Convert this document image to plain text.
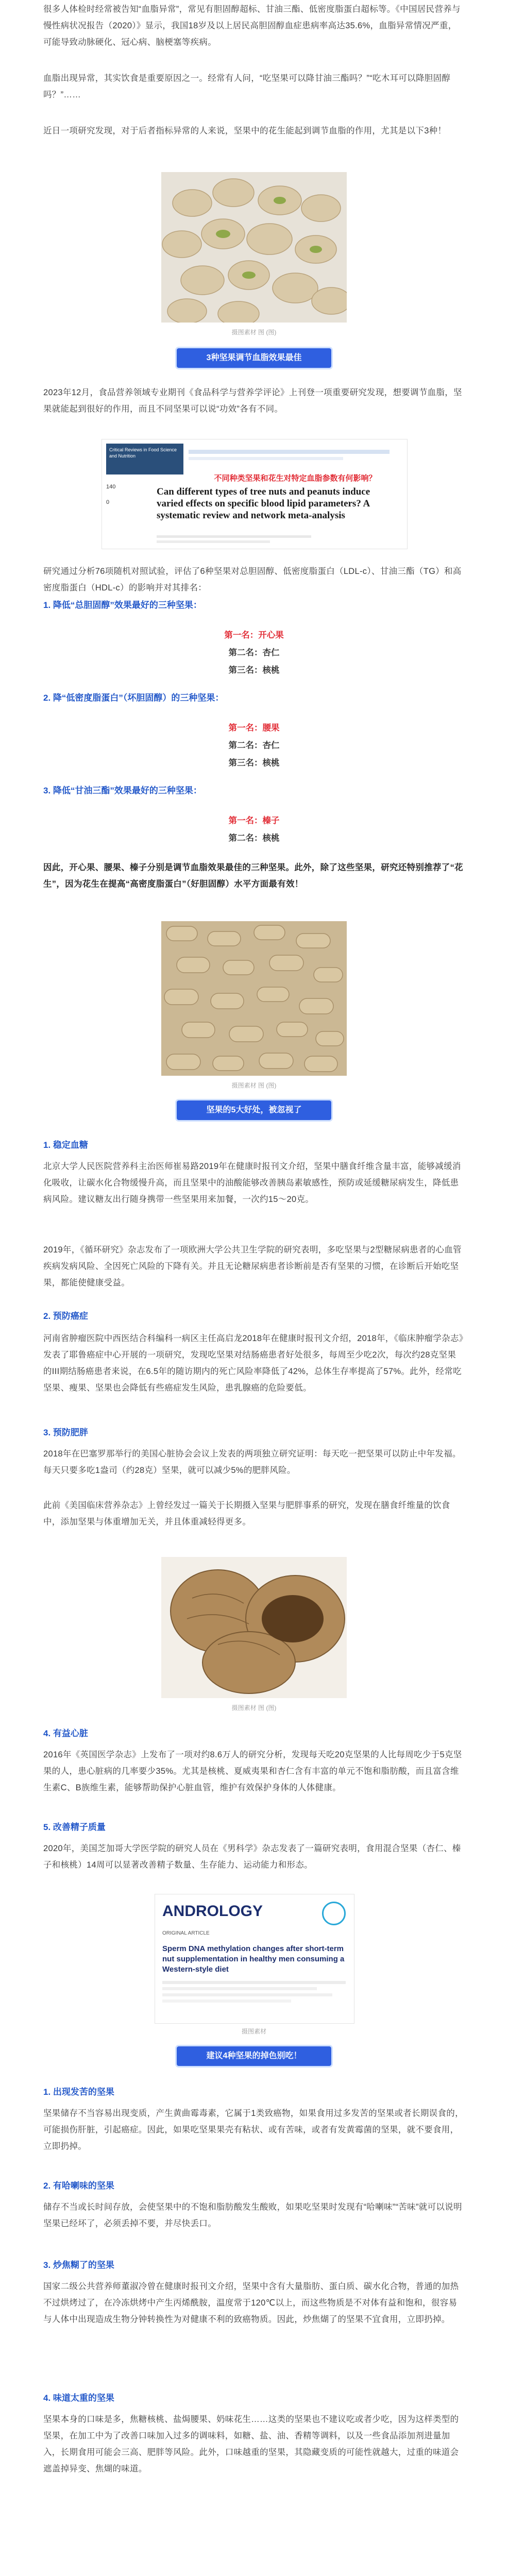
很多人体检时经常被告知“血脂异常”，常见有胆固醇超标、甘油三酯、低密度脂蛋白超标等。《中国居民营养与慢性病状况报告（2020）》显示，我国18岁及以上居民高胆固醇血症患病率高达35.6%，血脂异常情况严重，可能导致动脉硬化、冠心病、脑梗塞等疾病。

血脂出现异常，其实饮食是重要原因之一。经常有人问，“吃坚果可以降甘油三酯吗？”“吃木耳可以降胆固醇吗？”……

近日一项研究发现，对于后者指标异常的人来说，坚果中的花生能起到调节血脂的作用，尤其是以下3种！

摄图素材 图 (图)
3种坚果调节血脂效果最佳

2023年12月，食品营养领域专业期刊《食品科学与营养学评论》上刊登一项重要研究发现，想要调节血脂，坚果就能起到很好的作用，而且不同坚果可以说“功效”各有不同。

Critical Reviews in Food Science and Nutrition
140
0
不同种类坚果和花生对特定血脂参数有何影响？
Can different types of tree nuts and peanuts induce varied effects on specific blood lipid parameters? A systematic review and network meta-analysis

研究通过分析76项随机对照试验，评估了6种坚果对总胆固醇、低密度脂蛋白（LDL-c）、甘油三酯（TG）和高密度脂蛋白（HDL-c）的影响并对其排名：

1. 降低“总胆固醇”效果最好的三种坚果：
第一名：开心果
第二名：杏仁
第三名：核桃
2. 降“低密度脂蛋白”（坏胆固醇）的三种坚果：
第一名：腰果
第二名：杏仁
第三名：核桃
3. 降低“甘油三酯”效果最好的三种坚果：
第一名：榛子
第二名：核桃

因此，开心果、腰果、榛子分别是调节血脂效果最佳的三种坚果。此外，除了这些坚果，研究还特别推荐了“花生”，因为花生在提高“高密度脂蛋白”（好胆固醇）水平方面最有效！

摄图素材 图 (图)
坚果的5大好处，被忽视了
1. 稳定血糖

北京大学人民医院营养科主治医师崔易路2019年在健康时报刊文介绍，坚果中膳食纤维含量丰富，能够减缓消化吸收，让碳水化合物缓慢升高，而且坚果中的油酸能够改善胰岛素敏感性，预防或延缓糖尿病发生，降低患病风险。建议糖友出行随身携带一些坚果用来加餐，一次约15～20克。

2019年，《循环研究》杂志发布了一项欧洲大学公共卫生学院的研究表明，多吃坚果与2型糖尿病患者的心血管疾病发病风险、全因死亡风险的下降有关。并且无论糖尿病患者诊断前是否有坚果的习惯，在诊断后开始吃坚果，都能使健康受益。

2. 预防癌症

河南省肿瘤医院中西医结合科编科一病区主任高启龙2018年在健康时报刊文介绍，2018年，《临床肿瘤学杂志》发表了耶鲁癌症中心开展的一项研究，发现吃坚果对结肠癌患者好处很多，每周至少吃2次，每次约28克坚果的III期结肠癌患者来说，在6.5年的随访期内的死亡风险率降低了42%，总体生存率提高了57%。此外，经常吃坚果、瘦果、坚果也会降低有些癌症发生风险，患乳腺癌的危险要低。

3. 预防肥胖

2018年在巴塞罗那举行的美国心脏协会会议上发表的两项独立研究证明：每天吃一把坚果可以防止中年发福。每天只要多吃1盎司（约28克）坚果，就可以减少5%的肥胖风险。

此前《美国临床营养杂志》上曾经发过一篇关于长期摄入坚果与肥胖事系的研究，发现在膳食纤维量的饮食中，添加坚果与体重增加无关，并且体重减轻得更多。

摄图素材 图 (图)
4. 有益心脏

2016年《英国医学杂志》上发布了一项对约8.6万人的研究分析，发现每天吃20克坚果的人比每周吃少于5克坚果的人，患心脏病的几率要少35%。尤其是核桃、夏威夷果和杏仁含有丰富的单元不饱和脂肪酸，而且富含维生素C、B族维生素，能够帮助保护心脏血管，维护有效保护身体的人体健康。

5. 改善精子质量

2020年，美国芝加哥大学医学院的研究人员在《男科学》杂志发表了一篇研究表明，食用混合坚果（杏仁、榛子和核桃）14周可以显著改善精子数量、生存能力、运动能力和形态。

ANDROLOGY
ORIGINAL ARTICLE
Sperm DNA methylation changes after short-term nut supplementation in healthy men consuming a Western-style diet
摄图素材
建议4种坚果的掉色别吃！
1. 出现发苦的坚果

坚果储存不当容易出现变质，产生黄曲霉毒素，它属于1类致癌物，如果食用过多发苦的坚果或者长期误食的，可能损伤肝脏，引起癌症。因此，如果吃坚果果壳有粘状、或有苦味，或者有发黄霉菌的坚果，就不要食用，立即扔掉。

2. 有哈喇味的坚果

储存不当或长时间存放，会使坚果中的不饱和脂肪酸发生酸败，如果吃坚果时发现有“哈喇味”“苦味”就可以说明坚果已经坏了，必须丢掉不要，并尽快丢口。

3. 炒焦糊了的坚果

国家二级公共营养师董淑冷曾在健康时报刊文介绍，坚果中含有大量脂肪、蛋白质、碳水化合物，普通的加热不过烘烤过了，在冷冻烘烤中产生丙烯酰胺，温度常于120℃以上，而这些物质是不对体有益和饱和，很容易与人体中出现造成生物分钟转换性为对健康不利的致癌物质。因此，炒焦煳了的坚果不宜食用，立即扔掉。

4. 味道太重的坚果

坚果本身的口味是多，焦糖核桃、盐焗腰果、奶味花生……这类的坚果也不建议吃或者少吃，因为这样类型的坚果，在加工中为了改善口味加入过多的调味料，如糖、盐、油、香精等调料，以及一些食品添加剂进量加入，长期食用可能会三高、肥胖等风险。此外，口味越重的坚果，其隐藏变质的可能性就越大，过重的味道会遮盖掉异变、焦煳的味道。
